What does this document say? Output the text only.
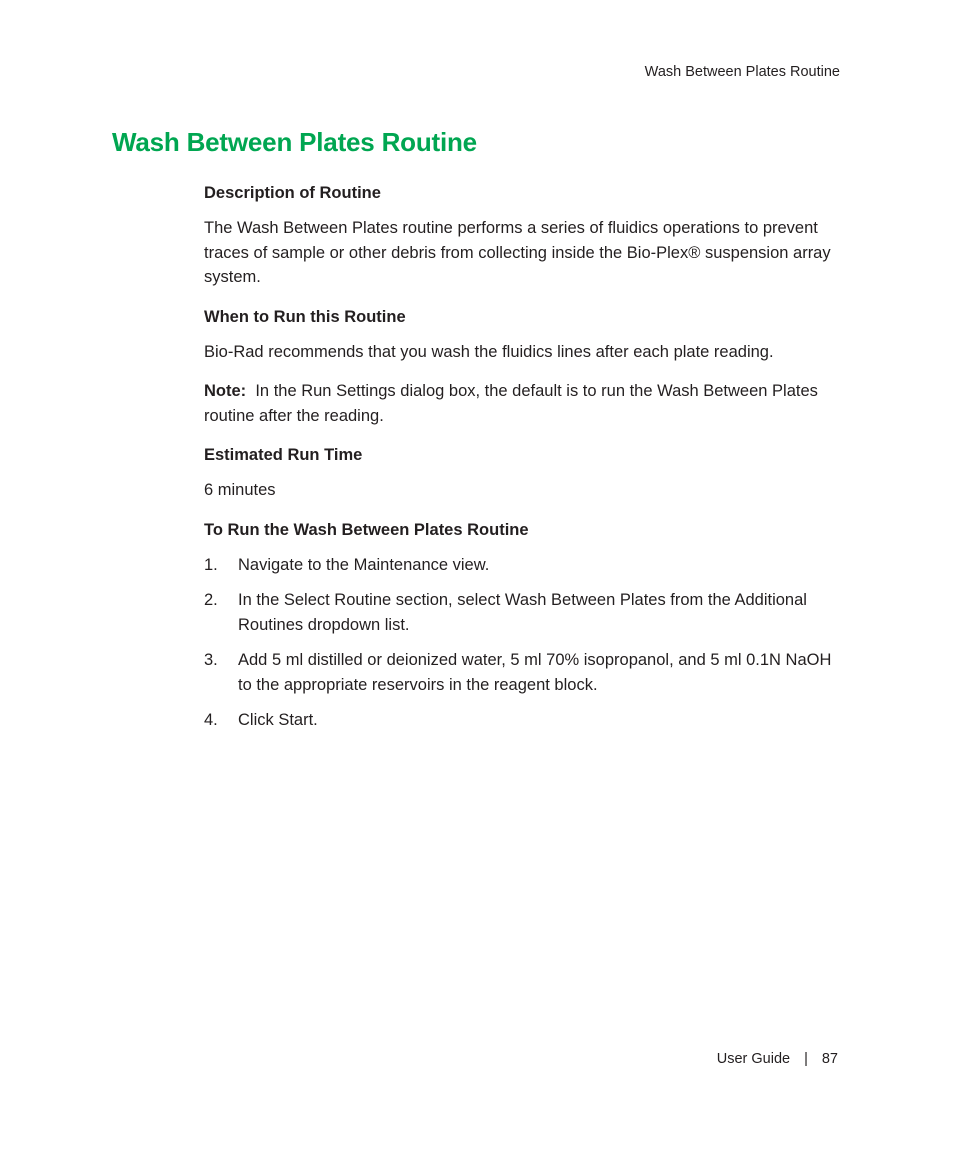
Wash Between Plates Routine
Wash Between Plates Routine
Description of Routine

The Wash Between Plates routine performs a series of fluidics operations to prevent traces of sample or other debris from collecting inside the Bio-Plex® suspension array system.

When to Run this Routine

Bio-Rad recommends that you wash the fluidics lines after each plate reading.

Note: In the Run Settings dialog box, the default is to run the Wash Between Plates routine after the reading.

Estimated Run Time

6 minutes

To Run the Wash Between Plates Routine
1.	Navigate to the Maintenance view.
2.	In the Select Routine section, select Wash Between Plates from the Additional Routines dropdown list.
3.	Add 5 ml distilled or deionized water, 5 ml 70% isopropanol, and 5 ml 0.1N NaOH to the appropriate reservoirs in the reagent block.
4.	Click Start.
User Guide | 87
